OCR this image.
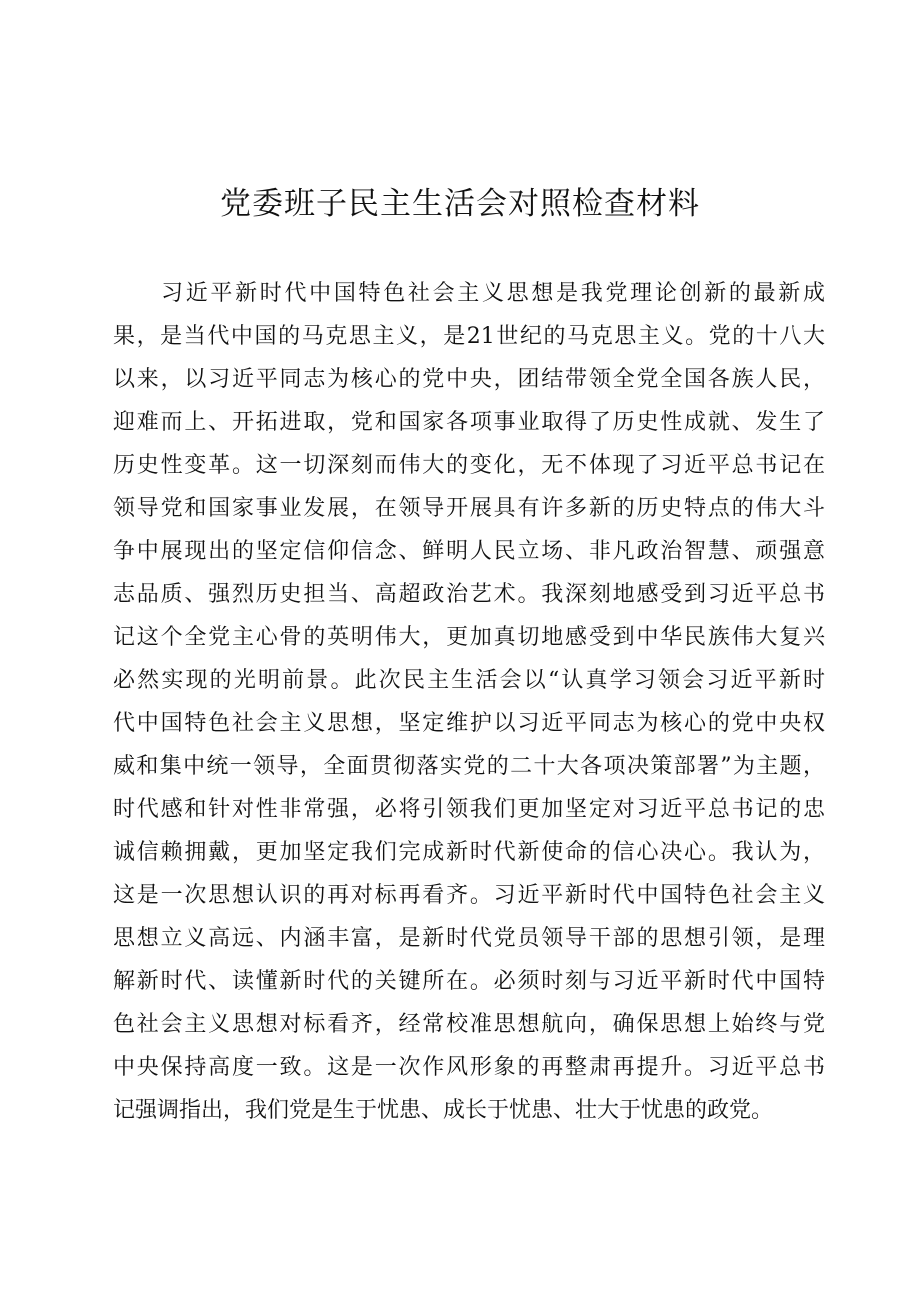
党委班子民主生活会对照检查材料
习近平新时代中国特色社会主义思想是我党理论创新的最新成
果，是当代中国的马克思主义，是21世纪的马克思主义。党的十八大
以来，以习近平同志为核心的党中央，团结带领全党全国各族人民，
迎难而上、开拓进取，党和国家各项事业取得了历史性成就、发生了
历史性变革。这一切深刻而伟大的变化，无不体现了习近平总书记在
领导党和国家事业发展，在领导开展具有许多新的历史特点的伟大斗
争中展现出的坚定信仰信念、鲜明人民立场、非凡政治智慧、顽强意
志品质、强烈历史担当、高超政治艺术。我深刻地感受到习近平总书
记这个全党主心骨的英明伟大，更加真切地感受到中华民族伟大复兴
必然实现的光明前景。此次民主生活会以“认真学习领会习近平新时
代中国特色社会主义思想，坚定维护以习近平同志为核心的党中央权
威和集中统一领导，全面贯彻落实党的二十大各项决策部署”为主题，
时代感和针对性非常强，必将引领我们更加坚定对习近平总书记的忠
诚信赖拥戴，更加坚定我们完成新时代新使命的信心决心。我认为，
这是一次思想认识的再对标再看齐。习近平新时代中国特色社会主义
思想立义高远、内涵丰富，是新时代党员领导干部的思想引领，是理
解新时代、读懂新时代的关键所在。必须时刻与习近平新时代中国特
色社会主义思想对标看齐，经常校准思想航向，确保思想上始终与党
中央保持高度一致。这是一次作风形象的再整肃再提升。习近平总书
记强调指出，我们党是生于忧患、成长于忧患、壮大于忧患的政党。
